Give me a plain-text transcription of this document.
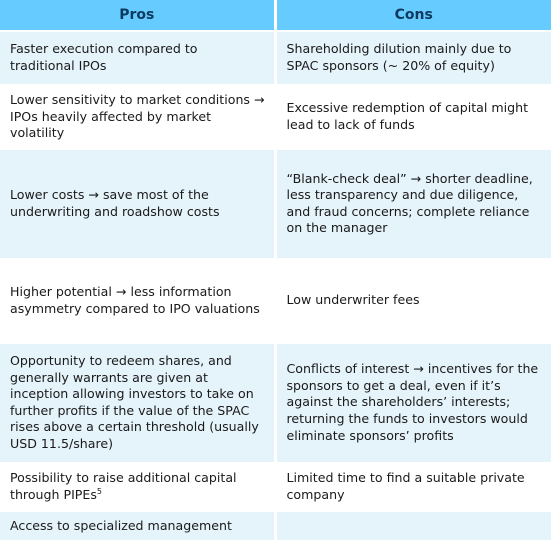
Pros	Cons
Faster execution compared to traditional IPOs	Shareholding dilution mainly due to SPAC sponsors (~ 20% of equity)
Lower sensitivity to market conditions → IPOs heavily affected by market volatility	Excessive redemption of capital might lead to lack of funds
Lower costs → save most of the underwriting and roadshow costs	“Blank-check deal” → shorter deadline, less transparency and due diligence, and fraud concerns; complete reliance on the manager
Higher potential → less information asymmetry compared to IPO valuations	Low underwriter fees
Opportunity to redeem shares, and generally warrants are given at inception allowing investors to take on further profits if the value of the SPAC rises above a certain threshold (usually USD 11.5/share)	Conflicts of interest → incentives for the sponsors to get a deal, even if it’s against the shareholders’ interests; returning the funds to investors would eliminate sponsors’ profits
Possibility to raise additional capital through PIPEs$^5$	Limited time to find a suitable private company
Access to specialized management	
